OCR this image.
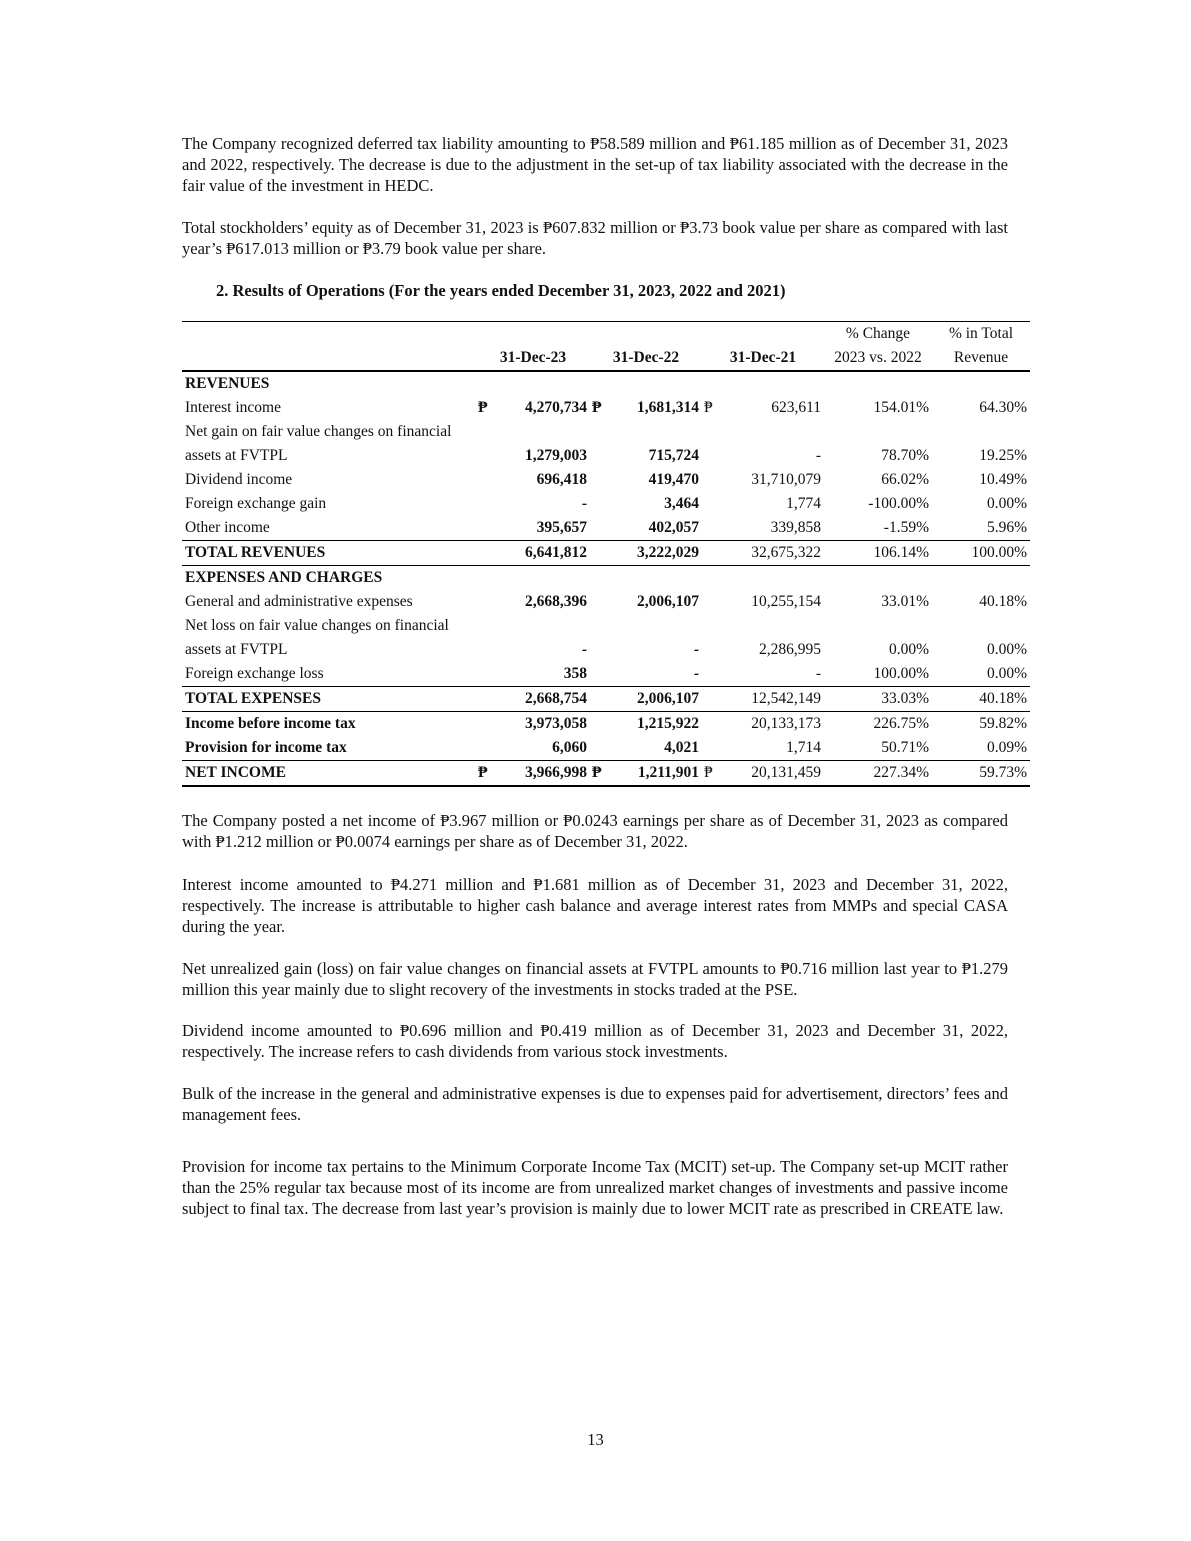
The Company recognized deferred tax liability amounting to ₱58.589 million and ₱61.185 million as of December 31, 2023 and 2022, respectively. The decrease is due to the adjustment in the set-up of tax liability associated with the decrease in the fair value of the investment in HEDC.

Total stockholders’ equity as of December 31, 2023 is ₱607.832 million or ₱3.73 book value per share as compared with last year’s ₱617.013 million or ₱3.79 book value per share.

2. Results of Operations (For the years ended December 31, 2023, 2022 and 2021)

							% Change	% in Total
	31-Dec-23		31-Dec-22		31-Dec-21		2023 vs. 2022	Revenue
REVENUES								
Interest income	₱	4,270,734	₱	1,681,314	₱	623,611	154.01%	64.30%
Net gain on fair value changes on financial								
assets at FVTPL		1,279,003		715,724		-	78.70%	19.25%
Dividend income		696,418		419,470		31,710,079	66.02%	10.49%
Foreign exchange gain		-		3,464		1,774	-100.00%	0.00%
Other income		395,657		402,057		339,858	-1.59%	5.96%
TOTAL REVENUES		6,641,812		3,222,029		32,675,322	106.14%	100.00%
EXPENSES AND CHARGES								
General and administrative expenses		2,668,396		2,006,107		10,255,154	33.01%	40.18%
Net loss on fair value changes on financial								
assets at FVTPL		-		-		2,286,995	0.00%	0.00%
Foreign exchange loss		358		-		-	100.00%	0.00%
TOTAL EXPENSES		2,668,754		2,006,107		12,542,149	33.03%	40.18%
Income before income tax		3,973,058		1,215,922		20,133,173	226.75%	59.82%
Provision for income tax		6,060		4,021		1,714	50.71%	0.09%
NET INCOME	₱	3,966,998	₱	1,211,901	₱	20,131,459	227.34%	59.73%

The Company posted a net income of ₱3.967 million or ₱0.0243 earnings per share as of December 31, 2023 as compared with ₱1.212 million or ₱0.0074 earnings per share as of December 31, 2022.

Interest income amounted to ₱4.271 million and ₱1.681 million as of December 31, 2023 and December 31, 2022, respectively. The increase is attributable to higher cash balance and average interest rates from MMPs and special CASA during the year.

Net unrealized gain (loss) on fair value changes on financial assets at FVTPL amounts to ₱0.716 million last year to ₱1.279 million this year mainly due to slight recovery of the investments in stocks traded at the PSE.

Dividend income amounted to ₱0.696 million and ₱0.419 million as of December 31, 2023 and December 31, 2022, respectively. The increase refers to cash dividends from various stock investments.

Bulk of the increase in the general and administrative expenses is due to expenses paid for advertisement, directors’ fees and management fees.

Provision for income tax pertains to the Minimum Corporate Income Tax (MCIT) set-up. The Company set-up MCIT rather than the 25% regular tax because most of its income are from unrealized market changes of investments and passive income subject to final tax. The decrease from last year’s provision is mainly due to lower MCIT rate as prescribed in CREATE law.

13
